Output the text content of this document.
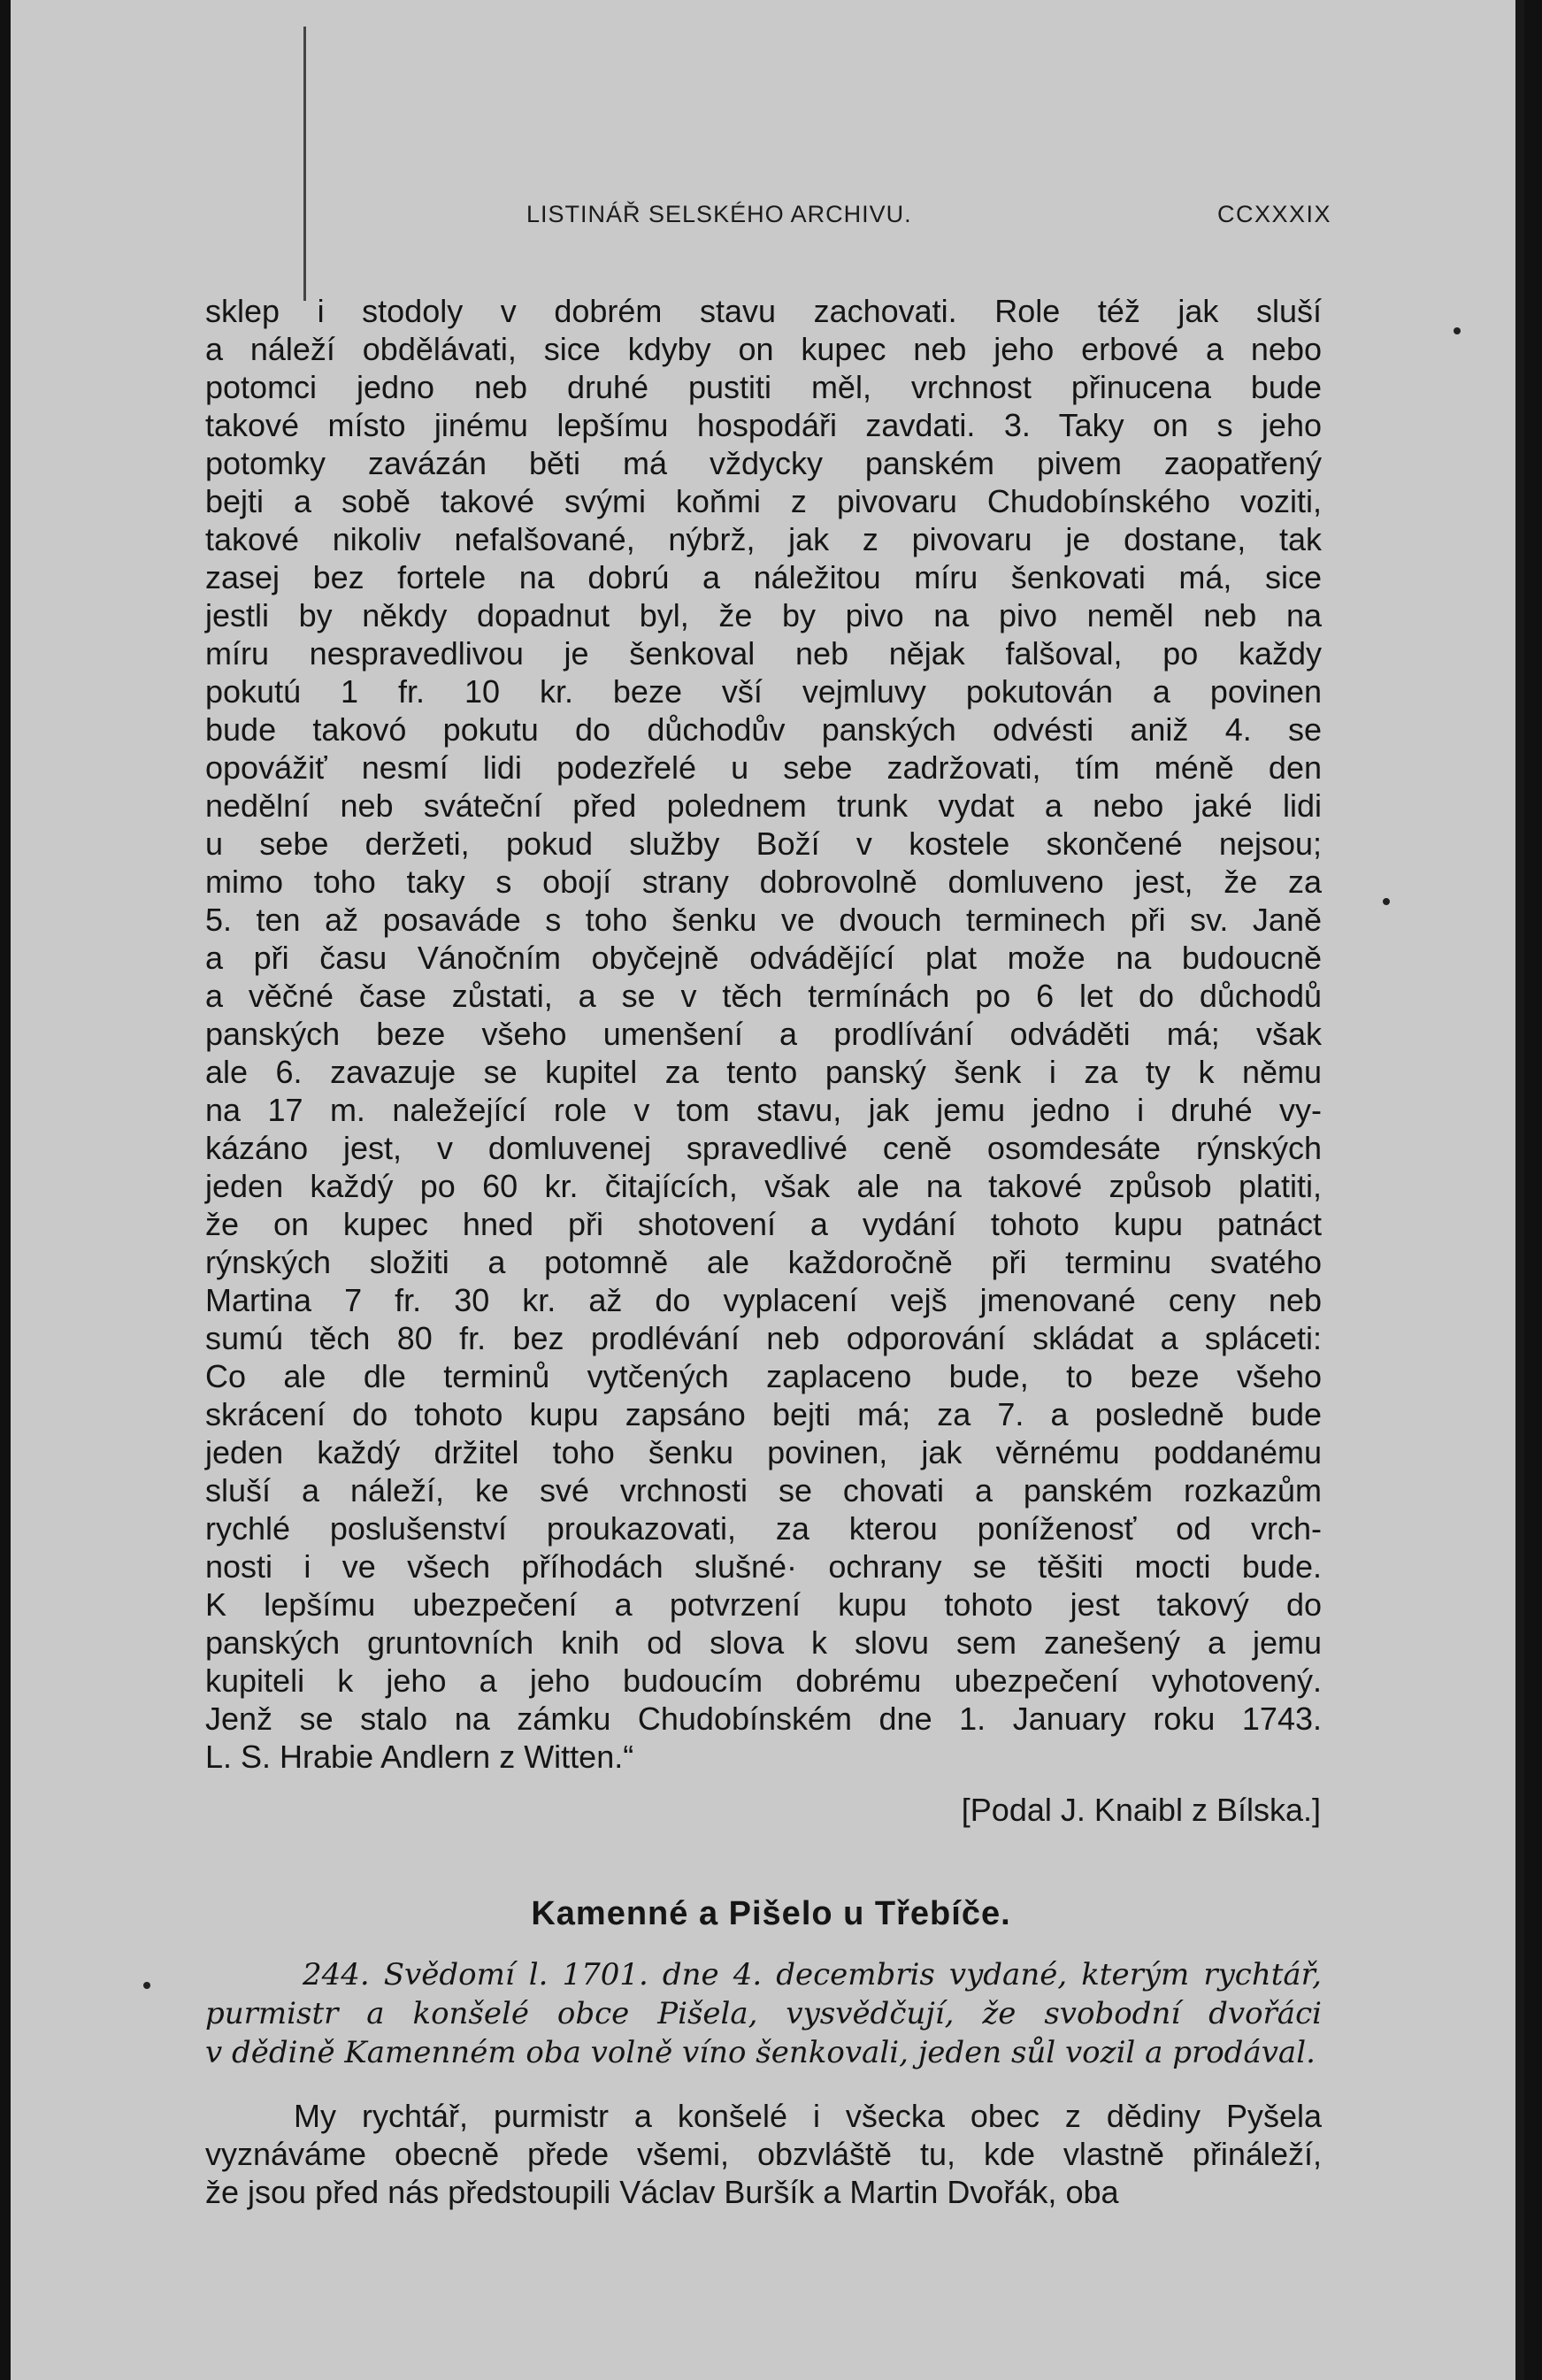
LISTINÁŘ SELSKÉHO ARCHIVU.	CCXXXIX
sklep i stodoly v dobrém stavu zachovati. Role též jak sluší
a náleží obdělávati, sice kdyby on kupec neb jeho erbové a nebo
potomci jedno neb druhé pustiti měl, vrchnost přinucena bude
takové místo jinému lepšímu hospodáři zavdati. 3. Taky on s jeho
potomky zavázán běti má vždycky panském pivem zaopatřený
bejti a sobě takové svými koňmi z pivovaru Chudobínského voziti,
takové nikoliv nefalšované, nýbrž, jak z pivovaru je dostane, tak
zasej bez fortele na dobrú a náležitou míru šenkovati má, sice
jestli by někdy dopadnut byl, že by pivo na pivo neměl neb na
míru nespravedlivou je šenkoval neb nějak falšoval, po každy
pokutú 1 fr. 10 kr. beze vší vejmluvy pokutován a povinen
bude takovó pokutu do důchodův panských odvésti aniž 4. se
opovážiť nesmí lidi podezřelé u sebe zadržovati, tím méně den
nedělní neb sváteční před polednem trunk vydat a nebo jaké lidi
u sebe deržeti, pokud služby Boží v kostele skončené nejsou;
mimo toho taky s obojí strany dobrovolně domluveno jest, že za
5. ten až posaváde s toho šenku ve dvouch terminech při sv. Janě
a při času Vánočním obyčejně odvádějící plat može na budoucně
a věčné čase zůstati, a se v těch termínách po 6 let do důchodů
panských beze všeho umenšení a prodlívání odváděti má; však
ale 6. zavazuje se kupitel za tento panský šenk i za ty k němu
na 17 m. naležející role v tom stavu, jak jemu jedno i druhé vy-
kázáno jest, v domluvenej spravedlivé ceně osomdesáte rýnských
jeden každý po 60 kr. čitajících, však ale na takové způsob platiti,
že on kupec hned při shotovení a vydání tohoto kupu patnáct
rýnských složiti a potomně ale každoročně při terminu svatého
Martina 7 fr. 30 kr. až do vyplacení vejš jmenované ceny neb
sumú těch 80 fr. bez prodlévání neb odporování skládat a spláceti:
Co ale dle terminů vytčených zaplaceno bude, to beze všeho
skrácení do tohoto kupu zapsáno bejti má; za 7. a posledně bude
jeden každý držitel toho šenku povinen, jak věrnému poddanému
sluší a náleží, ke své vrchnosti se chovati a panském rozkazům
rychlé poslušenství proukazovati, za kterou poníženosť od vrch-
nosti i ve všech příhodách slušné· ochrany se těšiti mocti bude.
K lepšímu ubezpečení a potvrzení kupu tohoto jest takový do
panských gruntovních knih od slova k slovu sem zanešený a jemu
kupiteli k jeho a jeho budoucím dobrému ubezpečení vyhotovený.
Jenž se stalo na zámku Chudobínském dne 1. January roku 1743.
L. S. Hrabie Andlern z Witten.“
[Podal J. Knaibl z Bílska.]
Kamenné a Pišelo u Třebíče.
244. Svědomí l. 1701. dne 4. decembris vydané, kterým rychtář,
purmistr a konšelé obce Pišela, vysvědčují, že svobodní dvořáci
v dědině Kamenném oba volně víno šenkovali, jeden sůl vozil a prodával.
My rychtář, purmistr a konšelé i všecka obec z dědiny Pyšela
vyznáváme obecně přede všemi, obzvláště tu, kde vlastně přináleží,
že jsou před nás předstoupili Václav Buršík a Martin Dvořák, oba
